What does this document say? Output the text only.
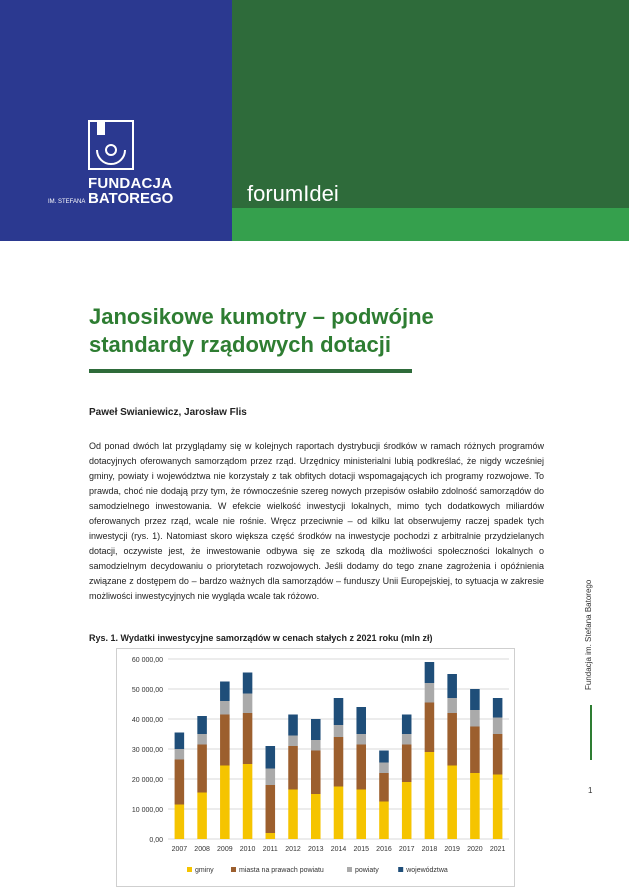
IM. STEFANA
FUNDACJA
BATOREGO	forumIdei
Janosikowe kumotry – podwójne standardy rządowych dotacji
Paweł Swianiewicz, Jarosław Flis
Od ponad dwóch lat przyglądamy się w kolejnych raportach dystrybucji środków w ramach różnych programów dotacyjnych oferowanych samorządom przez rząd. Urzędnicy ministerialni lubią podkreślać, że nigdy wcześniej gminy, powiaty i województwa nie korzystały z tak obfitych dotacji wspomagających ich programy rozwojowe. To prawda, choć nie dodają przy tym, że równocześnie szereg nowych przepisów osłabiło zdolność samorządów do samodzielnego inwestowania. W efekcie wielkość inwestycji lokalnych, mimo tych dodatkowych miliardów oferowanych przez rząd, wcale nie rośnie. Wręcz przeciwnie – od kilku lat obserwujemy raczej spadek tych inwestycji (rys. 1). Natomiast skoro większa część środków na inwestycje pochodzi z arbitralnie przydzielanych dotacji, oczywiste jest, że inwestowanie odbywa się ze szkodą dla możliwości społeczności lokalnych o samodzielnym decydowaniu o priorytetach rozwojowych. Jeśli dodamy do tego znane zagrożenia i opóźnienia związane z dostępem do – bardzo ważnych dla samorządów – funduszy Unii Europejskiej, to sytuacja w zakresie możliwości inwestycyjnych nie wygląda wcale tak różowo.	Fundacja im. Stefana Batorego
1
Rys. 1. Wydatki inwestycyjne samorządów w cenach stałych z 2021 roku (mln zł)
0,00
10 000,00
20 000,00
30 000,00
40 000,00
50 000,00
60 000,00
2007 2008 2009 2010 2011 2012 2013 2014 2015 2016 2017 2018 2019 2020 2021
gminy	miasta na prawach powiatu	powiaty	województwa
